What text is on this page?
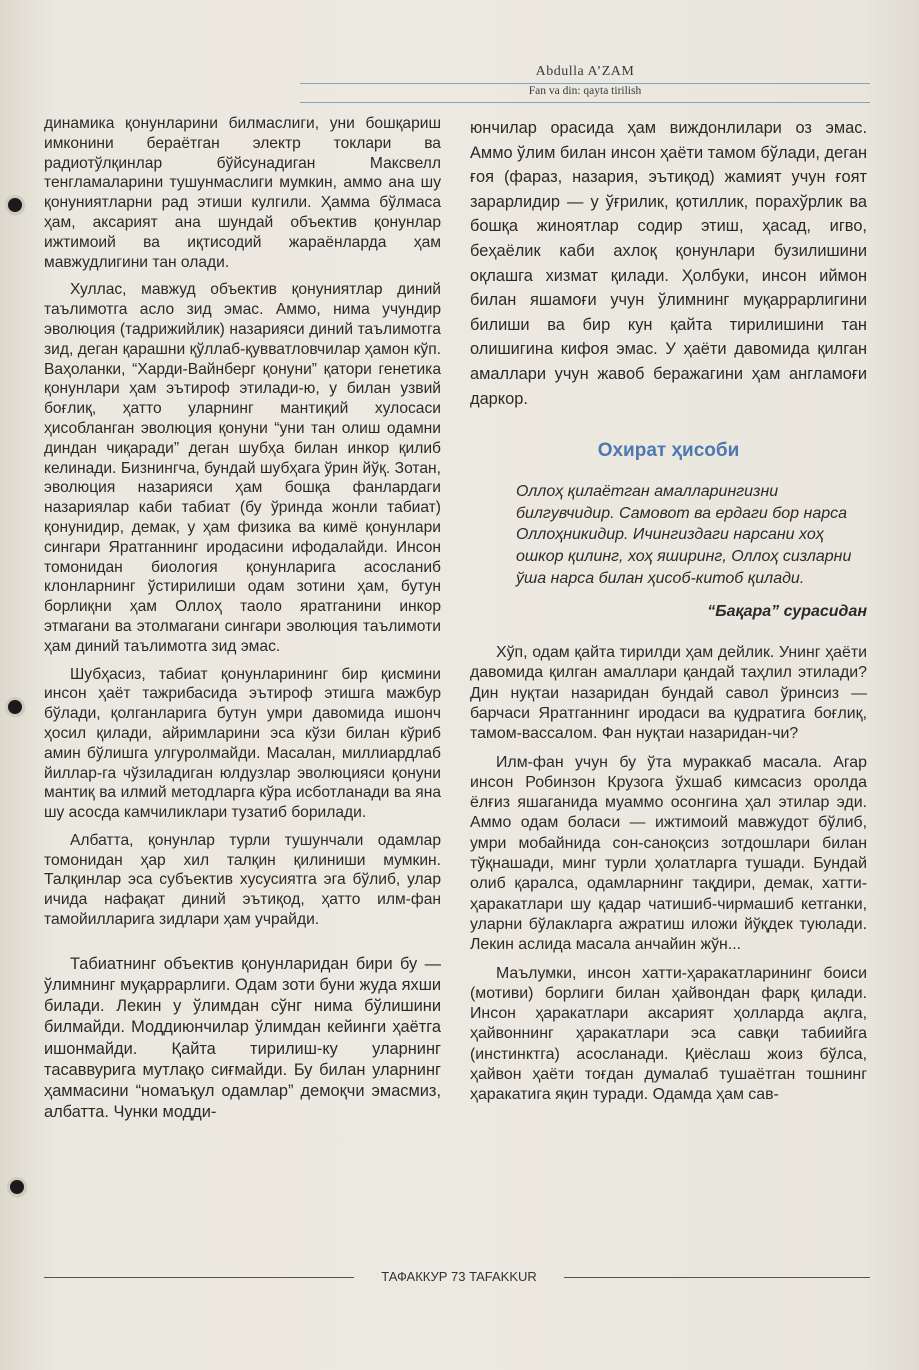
Abdulla A’ZAM
Fan va din: qayta tirilish

динамика қонунларини билмаслиги, уни бошқариш имконини бераётган электр токлари ва радиотўлқинлар бўйсунадиган Максвелл тенгламаларини тушунмаслиги мумкин, аммо ана шу қонуниятларни рад этиши кулгили. Ҳамма бўлмаса ҳам, аксарият ана шундай объектив қонунлар ижтимоий ва иқтисодий жараёнларда ҳам мавжудлигини тан олади.

Хуллас, мавжуд объектив қонуниятлар диний таълимотга асло зид эмас. Аммо, нима учундир эволюция (тадрижийлик) назарияси диний таълимотга зид, деган қарашни қўллаб-қувватловчилар ҳамон кўп. Ваҳоланки, “Харди-Вайнберг қонуни” қатори генетика қонунлари ҳам эътироф этилади-ю, у билан узвий боғлиқ, ҳатто уларнинг мантиқий хулосаси ҳисобланган эволюция қонуни “уни тан олиш одамни диндан чиқаради” деган шубҳа билан инкор қилиб келинади. Бизнингча, бундай шубҳага ўрин йўқ. Зотан, эволюция назарияси ҳам бошқа фанлардаги назариялар каби табиат (бу ўринда жонли табиат) қонунидир, демак, у ҳам физика ва кимё қонунлари сингари Яратганнинг иродасини ифодалайди. Инсон томонидан биология қонунларига асосланиб клонларнинг ўстирилиши одам зотини ҳам, бутун борлиқни ҳам Оллоҳ таоло яратганини инкор этмагани ва этолмагани сингари эволюция таълимоти ҳам диний таълимотга зид эмас.

Шубҳасиз, табиат қонунларининг бир қисмини инсон ҳаёт тажрибасида эътироф этишга мажбур бўлади, қолганларига бутун умри давомида ишонч ҳосил қилади, айримларини эса кўзи билан кўриб амин бўлишга улгуролмайди. Масалан, миллиардлаб йиллар-га чўзиладиган юлдузлар эволюцияси қонуни мантиқ ва илмий методларга кўра исботланади ва яна шу асосда камчиликлари тузатиб борилади.

Албатта, қонунлар турли тушунчали одамлар томонидан ҳар хил талқин қилиниши мумкин. Талқинлар эса субъектив хусусиятга эга бўлиб, улар ичида нафақат диний эътиқод, ҳатто илм-фан тамойилларига зидлари ҳам учрайди.

Табиатнинг объектив қонунларидан бири бу — ўлимнинг муқаррарлиги. Одам зоти буни жуда яхши билади. Лекин у ўлимдан сўнг нима бўлишини билмайди. Моддиюнчилар ўлимдан кейинги ҳаётга ишонмайди. Қайта тирилиш-ку уларнинг тасаввурига мутлақо сиғмайди. Бу билан уларнинг ҳаммасини “номаъқул одамлар” демоқчи эмасмиз, албатта. Чунки модди-

юнчилар орасида ҳам виждонлилари оз эмас. Аммо ўлим билан инсон ҳаёти тамом бўлади, деган ғоя (фараз, назария, эътиқод) жамият учун ғоят зарарлидир — у ўғрилик, қотиллик, порахўрлик ва бошқа жиноятлар содир этиш, ҳасад, игво, беҳаёлик каби ахлоқ қонунлари бузилишини оқлашга хизмат қилади. Ҳолбуки, инсон иймон билан яшамоғи учун ўлимнинг муқаррарлигини билиши ва бир кун қайта тирилишини тан олишигина кифоя эмас. У ҳаёти давомида қилган амаллари учун жавоб беражагини ҳам англамоғи даркор.

Охират ҳисоби
Оллоҳ қилаётган амалларингизни билгувчидир. Самовот ва ердаги бор нарса Оллоҳникидир. Ичингиздаги нарсани хоҳ ошкор қилинг, хоҳ яширинг, Оллоҳ сизларни ўша нарса билан ҳисоб-китоб қилади.
“Бақара” сурасидан

Хўп, одам қайта тирилди ҳам дейлик. Унинг ҳаёти давомида қилган амаллари қандай таҳлил этилади? Дин нуқтаи назаридан бундай савол ўринсиз — барчаси Яратганнинг иродаси ва қудратига боғлиқ, тамом-вассалом. Фан нуқтаи назаридан-чи?

Илм-фан учун бу ўта мураккаб масала. Агар инсон Робинзон Крузога ўхшаб кимсасиз оролда ёлғиз яшаганида муаммо осонгина ҳал этилар эди. Аммо одам боласи — ижтимоий мавжудот бўлиб, умри мобайнида сон-саноқсиз зотдошлари билан тўқнашади, минг турли ҳолатларга тушади. Бундай олиб қаралса, одамларнинг тақдири, демак, хатти-ҳаракатлари шу қадар чатишиб-чирмашиб кетганки, уларни бўлакларга ажратиш иложи йўқдек туюлади. Лекин аслида масала анчайин жўн...

Маълумки, инсон хатти-ҳаракатларининг боиси (мотиви) борлиги билан ҳайвондан фарқ қилади. Инсон ҳаракатлари аксарият ҳолларда ақлга, ҳайвоннинг ҳаракатлари эса савқи табиийга (инстинктга) асосланади. Қиёслаш жоиз бўлса, ҳайвон ҳаёти тоғдан думалаб тушаётган тошнинг ҳаракатига яқин туради. Одамда ҳам сав-

ТАФАККУР 73 TAFAKKUR
